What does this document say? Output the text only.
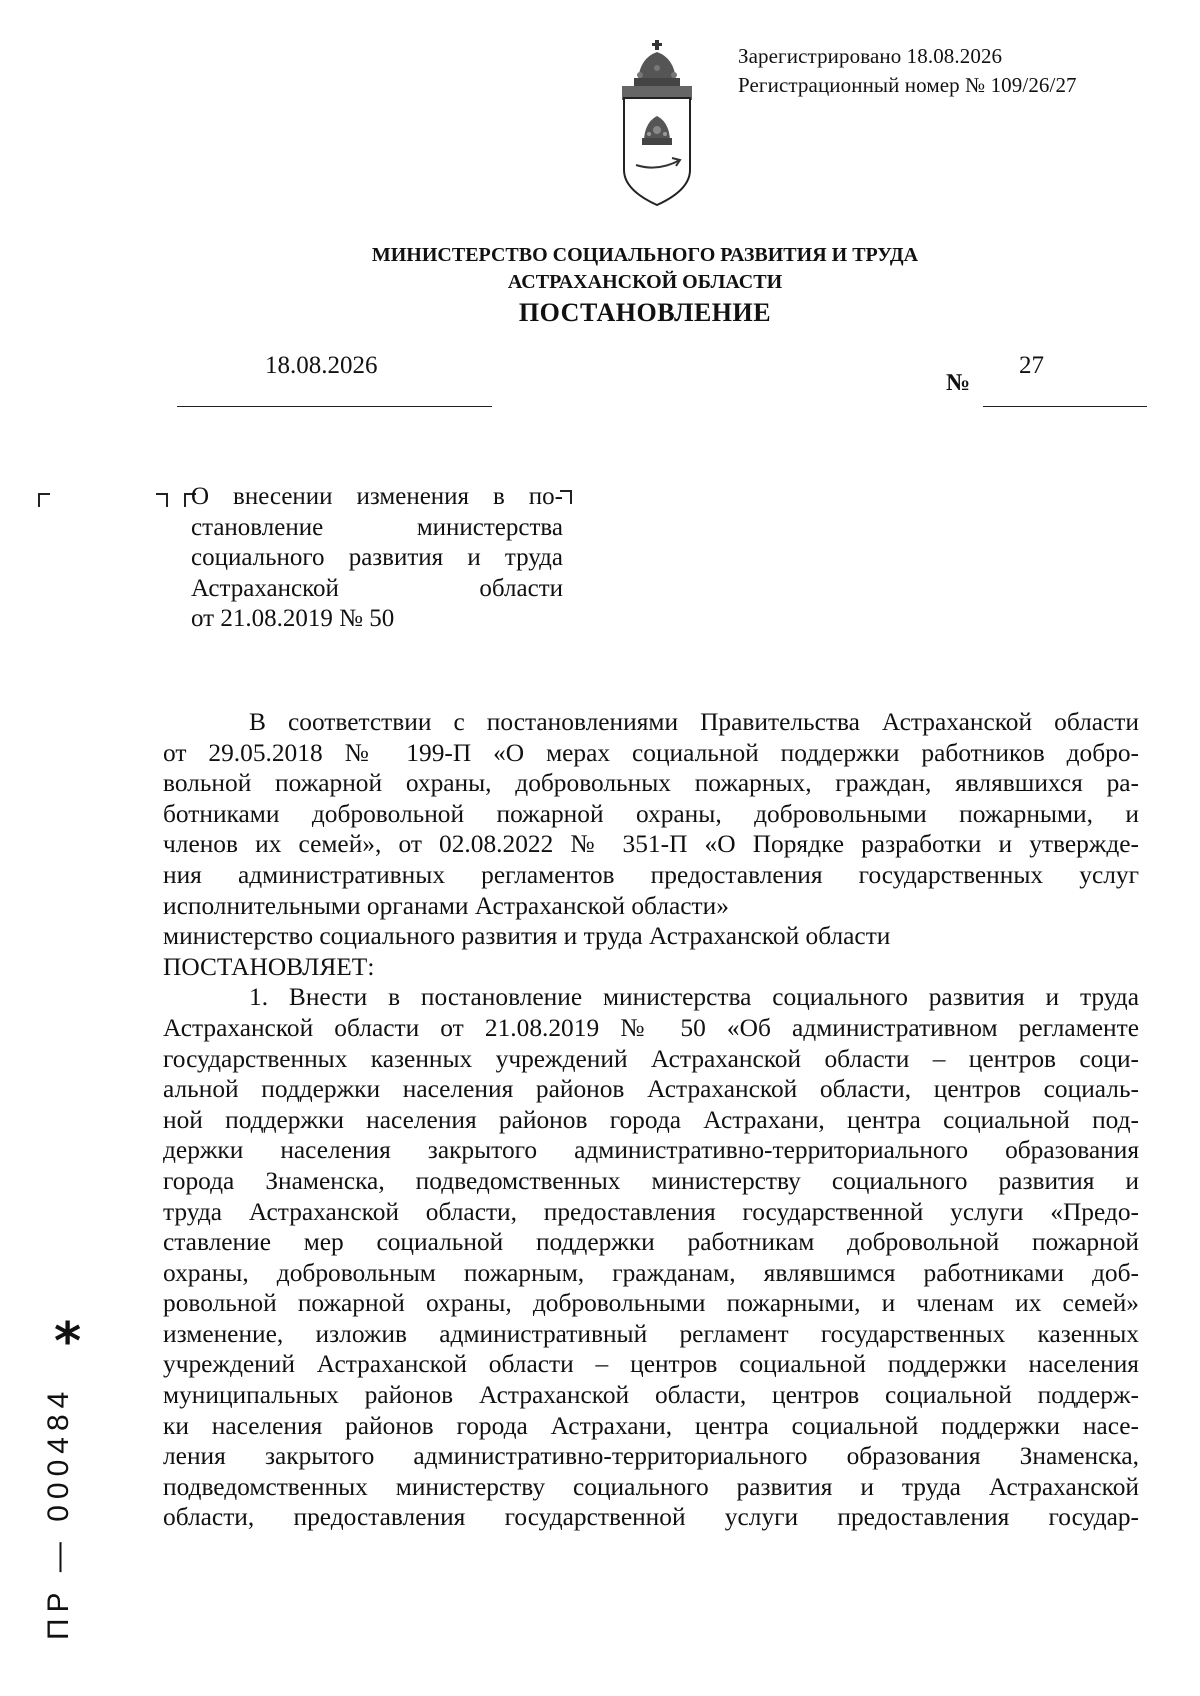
Зарегистрировано 18.08.2026
Регистрационный номер № 109/26/27
МИНИСТЕРСТВО СОЦИАЛЬНОГО РАЗВИТИЯ И ТРУДА
АСТРАХАНСКОЙ ОБЛАСТИ
ПОСТАНОВЛЕНИЕ
18.08.2026
№
27
О внесении изменения в по-
становление министерства
социального развития и труда
Астраханской области
от 21.08.2019 № 50
В соответствии с постановлениями Правительства Астраханской области
от 29.05.2018 № 199-П «О мерах социальной поддержки работников добро-
вольной пожарной охраны, добровольных пожарных, граждан, являвшихся ра-
ботниками добровольной пожарной охраны, добровольными пожарными, и
членов их семей», от 02.08.2022 № 351-П «О Порядке разработки и утвержде-
ния административных регламентов предоставления государственных услуг
исполнительными органами Астраханской области»
министерство социального развития и труда Астраханской области
ПОСТАНОВЛЯЕТ:
1. Внести в постановление министерства социального развития и труда
Астраханской области от 21.08.2019 № 50 «Об административном регламенте
государственных казенных учреждений Астраханской области – центров соци-
альной поддержки населения районов Астраханской области, центров социаль-
ной поддержки населения районов города Астрахани, центра социальной под-
держки населения закрытого административно-территориального образования
города Знаменска, подведомственных министерству социального развития и
труда Астраханской области, предоставления государственной услуги «Предо-
ставление мер социальной поддержки работникам добровольной пожарной
охраны, добровольным пожарным, гражданам, являвшимся работниками доб-
ровольной пожарной охраны, добровольными пожарными, и членам их семей»
изменение, изложив административный регламент государственных казенных
учреждений Астраханской области – центров социальной поддержки населения
муниципальных районов Астраханской области, центров социальной поддерж-
ки населения районов города Астрахани, центра социальной поддержки насе-
ления закрытого административно-территориального образования Знаменска,
подведомственных министерству социального развития и труда Астраханской
области, предоставления государственной услуги предоставления государ-
*
ПР — 000484
